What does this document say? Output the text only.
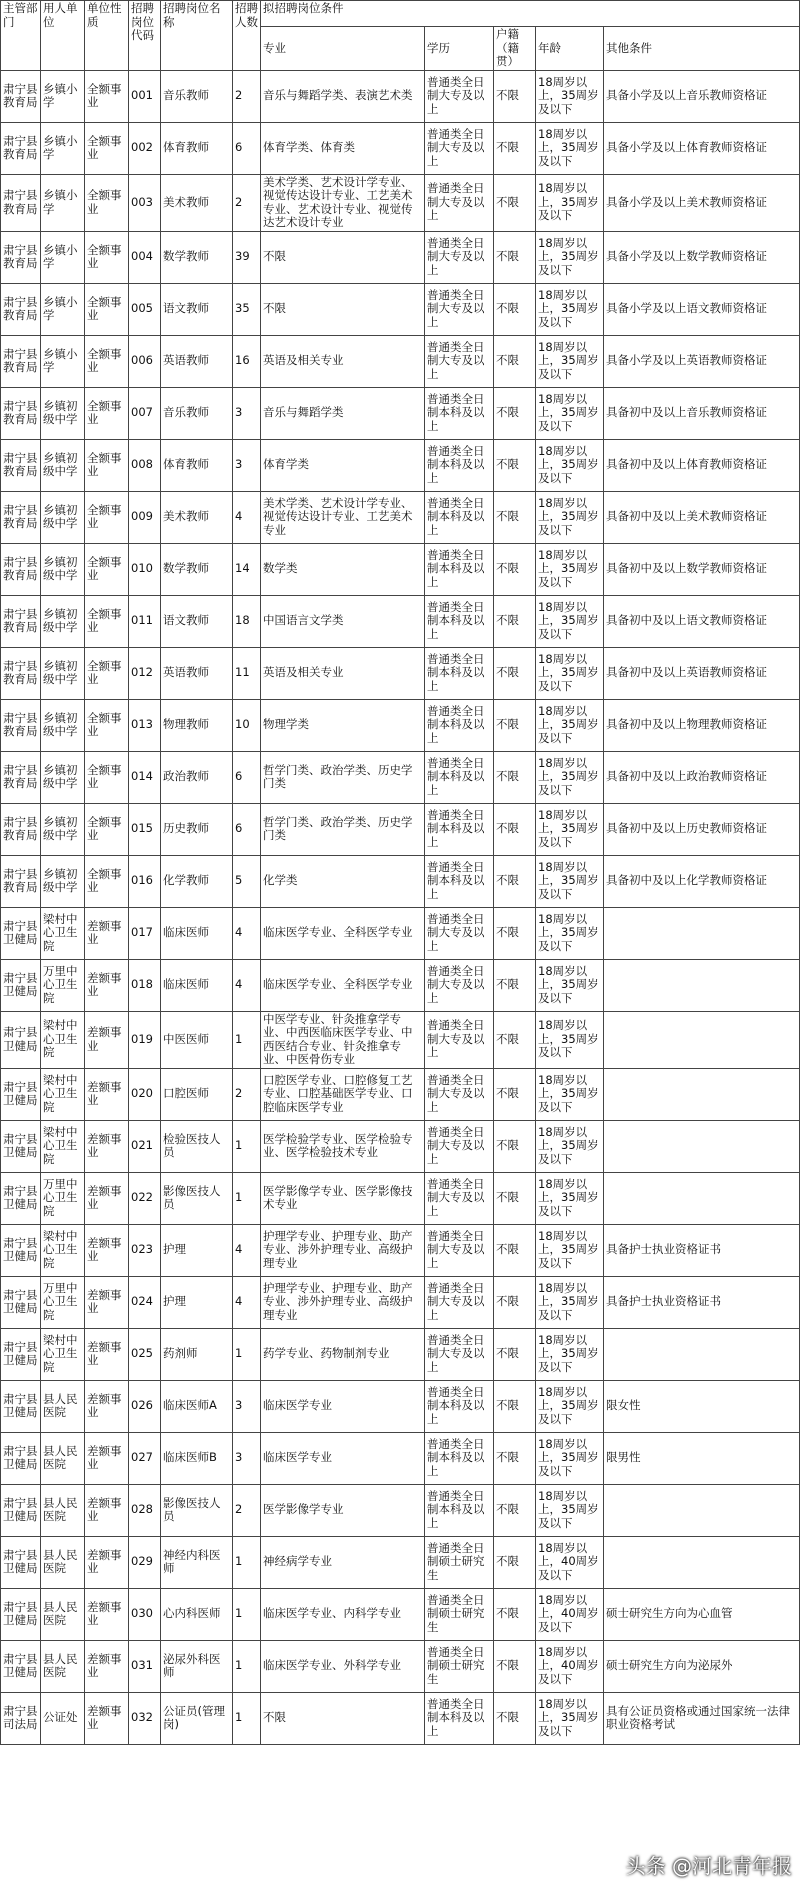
主管部门	用人单位	单位性质	招聘岗位代码	招聘岗位名称	招聘人数	拟招聘岗位条件				
						专业	学历	户籍（籍贯）	年龄	其他条件
肃宁县教育局	乡镇小学	全额事业	001	音乐教师	2	音乐与舞蹈学类、表演艺术类	普通类全日制大专及以上	不限	18周岁以上，35周岁及以下	具备小学及以上音乐教师资格证
肃宁县教育局	乡镇小学	全额事业	002	体育教师	6	体育学类、体育类	普通类全日制大专及以上	不限	18周岁以上，35周岁及以下	具备小学及以上体育教师资格证
肃宁县教育局	乡镇小学	全额事业	003	美术教师	2	美术学类、艺术设计学专业、视觉传达设计专业、工艺美术专业、艺术设计专业、视觉传达艺术设计专业	普通类全日制大专及以上	不限	18周岁以上，35周岁及以下	具备小学及以上美术教师资格证
肃宁县教育局	乡镇小学	全额事业	004	数学教师	39	不限	普通类全日制大专及以上	不限	18周岁以上，35周岁及以下	具备小学及以上数学教师资格证
肃宁县教育局	乡镇小学	全额事业	005	语文教师	35	不限	普通类全日制大专及以上	不限	18周岁以上，35周岁及以下	具备小学及以上语文教师资格证
肃宁县教育局	乡镇小学	全额事业	006	英语教师	16	英语及相关专业	普通类全日制大专及以上	不限	18周岁以上，35周岁及以下	具备小学及以上英语教师资格证
肃宁县教育局	乡镇初级中学	全额事业	007	音乐教师	3	音乐与舞蹈学类	普通类全日制本科及以上	不限	18周岁以上，35周岁及以下	具备初中及以上音乐教师资格证
肃宁县教育局	乡镇初级中学	全额事业	008	体育教师	3	体育学类	普通类全日制本科及以上	不限	18周岁以上，35周岁及以下	具备初中及以上体育教师资格证
肃宁县教育局	乡镇初级中学	全额事业	009	美术教师	4	美术学类、艺术设计学专业、视觉传达设计专业、工艺美术专业	普通类全日制本科及以上	不限	18周岁以上，35周岁及以下	具备初中及以上美术教师资格证
肃宁县教育局	乡镇初级中学	全额事业	010	数学教师	14	数学类	普通类全日制本科及以上	不限	18周岁以上，35周岁及以下	具备初中及以上数学教师资格证
肃宁县教育局	乡镇初级中学	全额事业	011	语文教师	18	中国语言文学类	普通类全日制本科及以上	不限	18周岁以上，35周岁及以下	具备初中及以上语文教师资格证
肃宁县教育局	乡镇初级中学	全额事业	012	英语教师	11	英语及相关专业	普通类全日制本科及以上	不限	18周岁以上，35周岁及以下	具备初中及以上英语教师资格证
肃宁县教育局	乡镇初级中学	全额事业	013	物理教师	10	物理学类	普通类全日制本科及以上	不限	18周岁以上，35周岁及以下	具备初中及以上物理教师资格证
肃宁县教育局	乡镇初级中学	全额事业	014	政治教师	6	哲学门类、政治学类、历史学门类	普通类全日制本科及以上	不限	18周岁以上，35周岁及以下	具备初中及以上政治教师资格证
肃宁县教育局	乡镇初级中学	全额事业	015	历史教师	6	哲学门类、政治学类、历史学门类	普通类全日制本科及以上	不限	18周岁以上，35周岁及以下	具备初中及以上历史教师资格证
肃宁县教育局	乡镇初级中学	全额事业	016	化学教师	5	化学类	普通类全日制本科及以上	不限	18周岁以上，35周岁及以下	具备初中及以上化学教师资格证
肃宁县卫健局	梁村中心卫生院	差额事业	017	临床医师	4	临床医学专业、全科医学专业	普通类全日制大专及以上	不限	18周岁以上，35周岁及以下	
肃宁县卫健局	万里中心卫生院	差额事业	018	临床医师	4	临床医学专业、全科医学专业	普通类全日制大专及以上	不限	18周岁以上，35周岁及以下	
肃宁县卫健局	梁村中心卫生院	差额事业	019	中医医师	1	中医学专业、针灸推拿学专业、中西医临床医学专业、中西医结合专业、针灸推拿专业、中医骨伤专业	普通类全日制大专及以上	不限	18周岁以上，35周岁及以下	
肃宁县卫健局	梁村中心卫生院	差额事业	020	口腔医师	2	口腔医学专业、口腔修复工艺专业、口腔基础医学专业、口腔临床医学专业	普通类全日制大专及以上	不限	18周岁以上，35周岁及以下	
肃宁县卫健局	梁村中心卫生院	差额事业	021	检验医技人员	1	医学检验学专业、医学检验专业、医学检验技术专业	普通类全日制大专及以上	不限	18周岁以上，35周岁及以下	
肃宁县卫健局	万里中心卫生院	差额事业	022	影像医技人员	1	医学影像学专业、医学影像技术专业	普通类全日制大专及以上	不限	18周岁以上，35周岁及以下	
肃宁县卫健局	梁村中心卫生院	差额事业	023	护理	4	护理学专业、护理专业、助产专业、涉外护理专业、高级护理专业	普通类全日制大专及以上	不限	18周岁以上，35周岁及以下	具备护士执业资格证书
肃宁县卫健局	万里中心卫生院	差额事业	024	护理	4	护理学专业、护理专业、助产专业、涉外护理专业、高级护理专业	普通类全日制大专及以上	不限	18周岁以上，35周岁及以下	具备护士执业资格证书
肃宁县卫健局	梁村中心卫生院	差额事业	025	药剂师	1	药学专业、药物制剂专业	普通类全日制大专及以上	不限	18周岁以上，35周岁及以下	
肃宁县卫健局	县人民医院	差额事业	026	临床医师A	3	临床医学专业	普通类全日制本科及以上	不限	18周岁以上，35周岁及以下	限女性
肃宁县卫健局	县人民医院	差额事业	027	临床医师B	3	临床医学专业	普通类全日制本科及以上	不限	18周岁以上，35周岁及以下	限男性
肃宁县卫健局	县人民医院	差额事业	028	影像医技人员	2	医学影像学专业	普通类全日制本科及以上	不限	18周岁以上，35周岁及以下	
肃宁县卫健局	县人民医院	差额事业	029	神经内科医师	1	神经病学专业	普通类全日制硕士研究生	不限	18周岁以上，40周岁及以下	
肃宁县卫健局	县人民医院	差额事业	030	心内科医师	1	临床医学专业、内科学专业	普通类全日制硕士研究生	不限	18周岁以上，40周岁及以下	硕士研究生方向为心血管
肃宁县卫健局	县人民医院	差额事业	031	泌尿外科医师	1	临床医学专业、外科学专业	普通类全日制硕士研究生	不限	18周岁以上，40周岁及以下	硕士研究生方向为泌尿外
肃宁县司法局	公证处	差额事业	032	公证员(管理岗)	1	不限	普通类全日制本科及以上	不限	18周岁以上，35周岁及以下	具有公证员资格或通过国家统一法律职业资格考试
头条 @河北青年报
